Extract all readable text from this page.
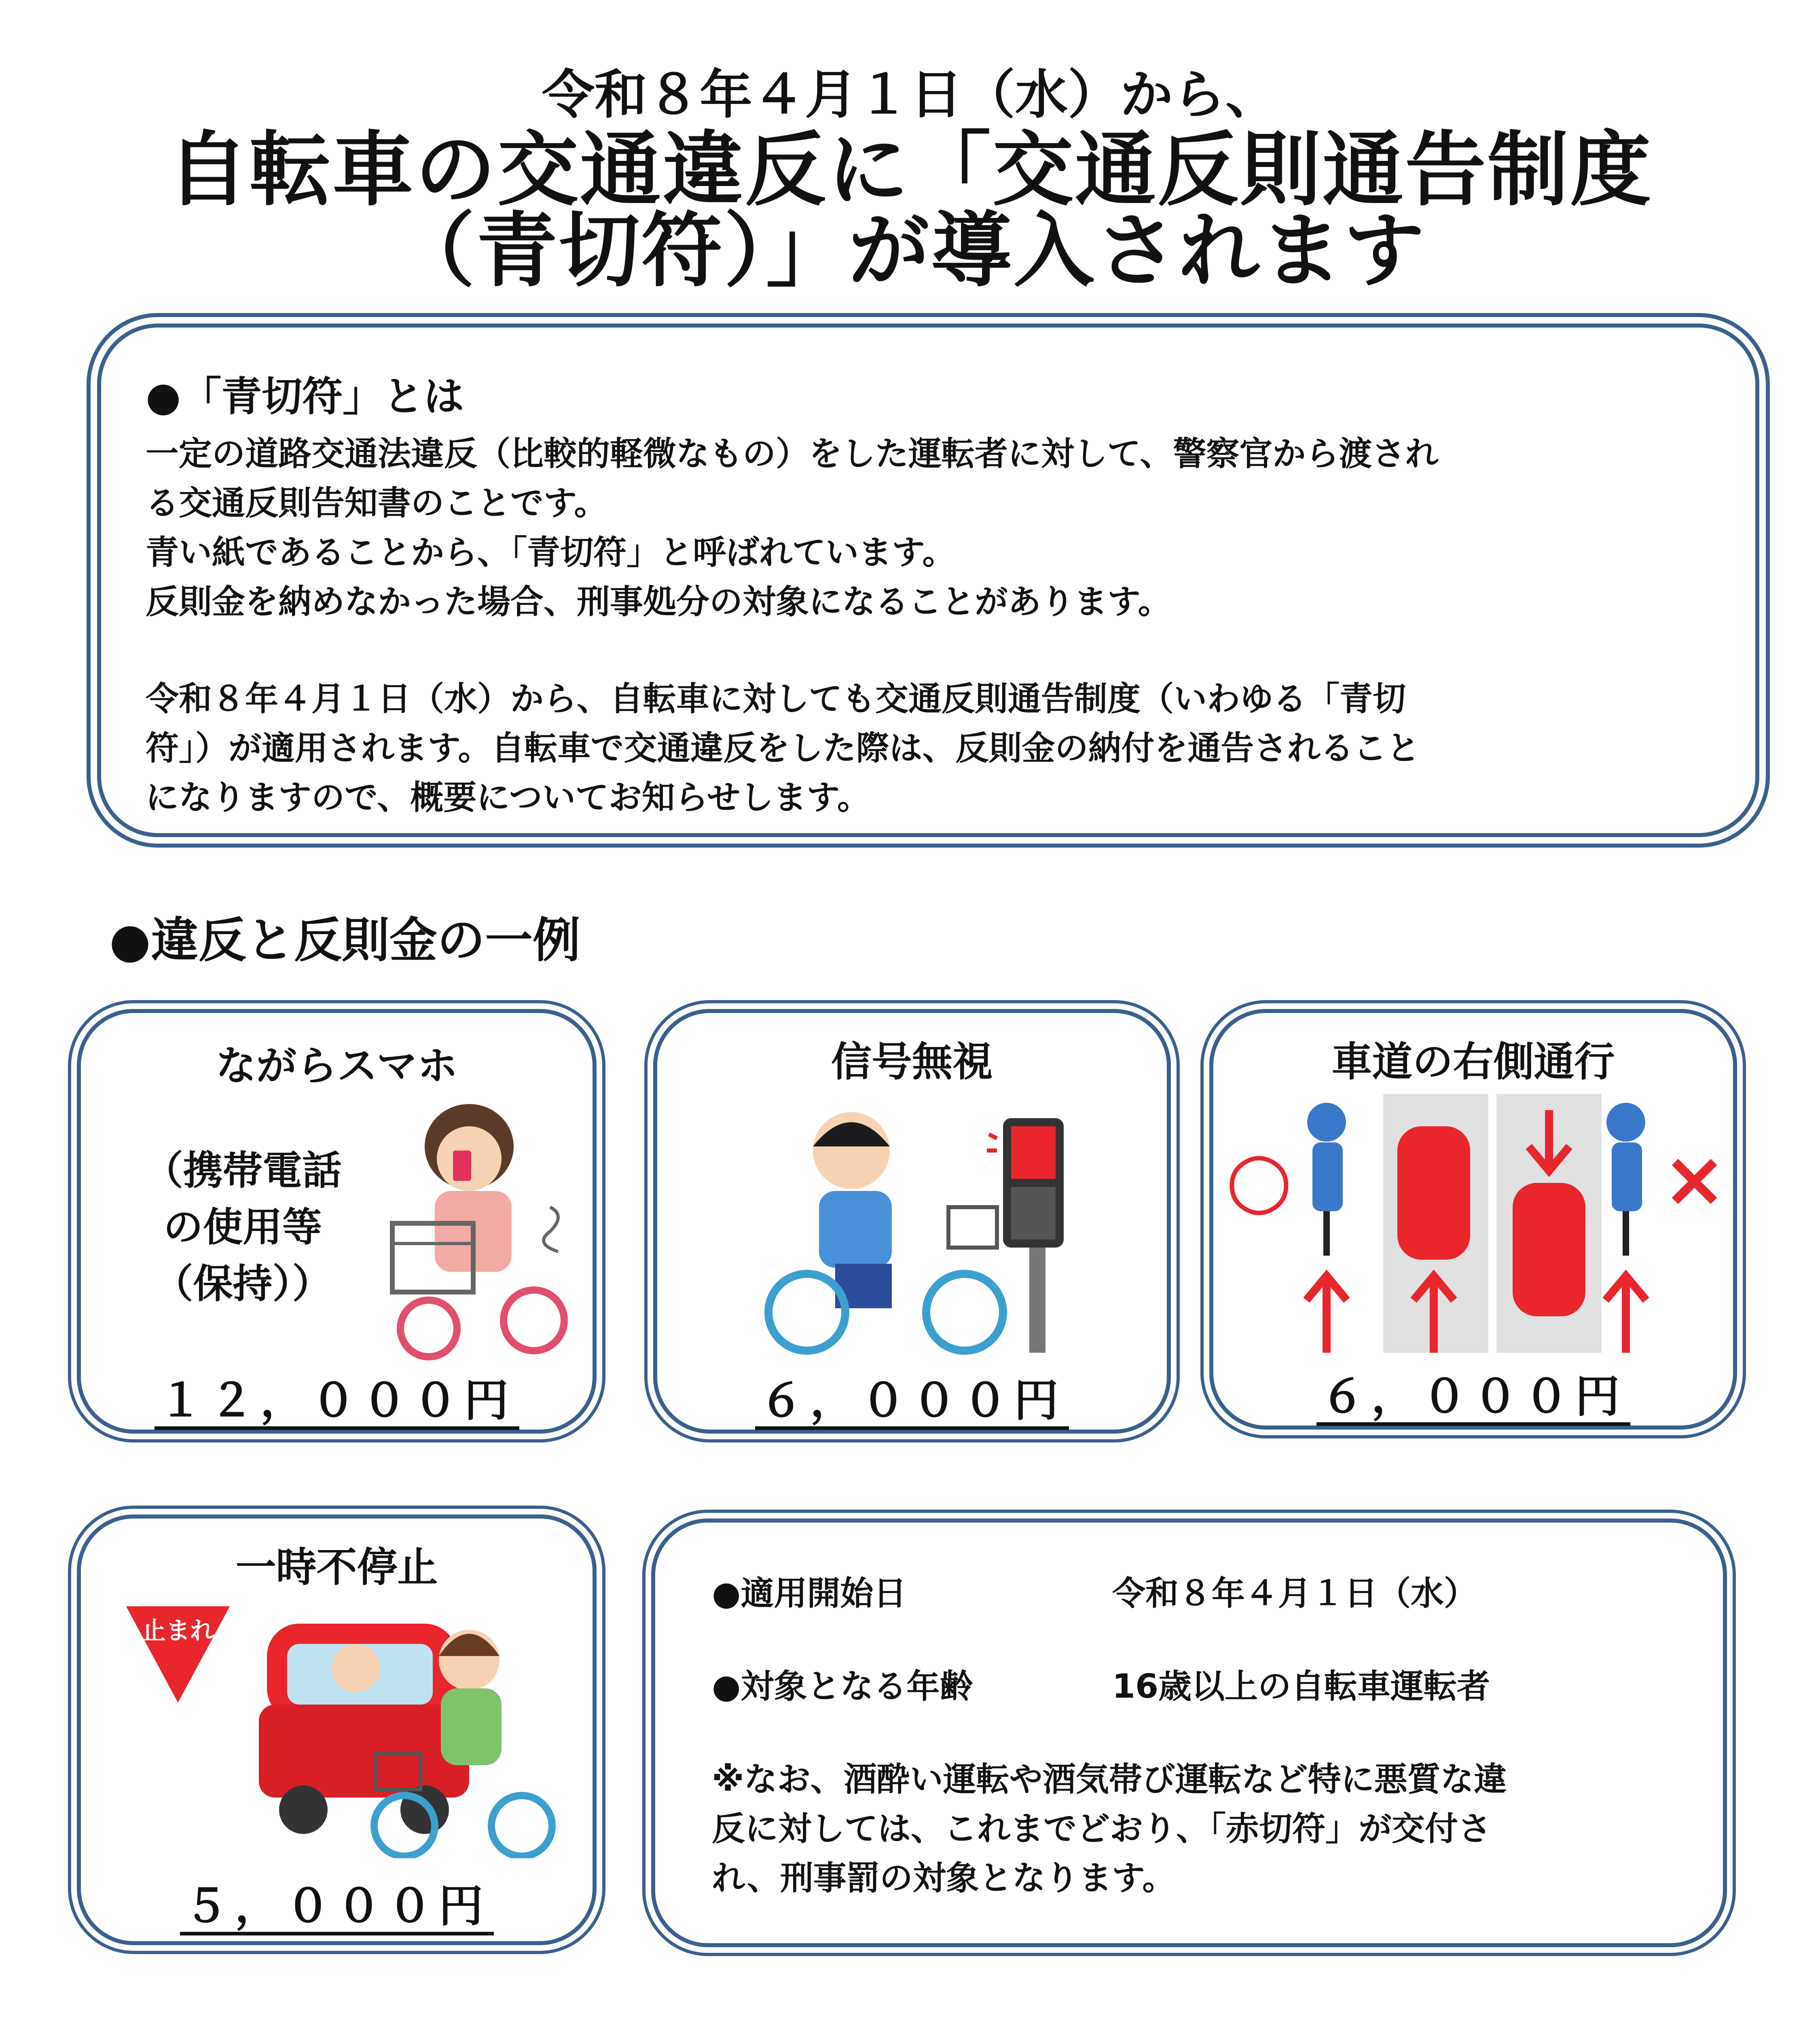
令和８年４月１日（水）から、
自転車の交通違反に「交通反則通告制度
（青切符）」が導入されます
●「青切符」とは

一定の道路交通法違反（比較的軽微なもの）をした運転者に対して、警察官から渡され

る交通反則告知書のことです。

青い紙であることから、「青切符」と呼ばれています。

反則金を納めなかった場合、刑事処分の対象になることがあります。

令和８年４月１日（水）から、自転車に対しても交通反則通告制度（いわゆる「青切

符」）が適用されます。自転車で交通違反をした際は、反則金の納付を通告されること

になりますので、概要についてお知らせします。

●違反と反則金の一例
ながらスマホ
（携帯電話
の使用等
（保持））
１２，０００円
信号無視
６，０００円
車道の右側通行
○	×
６，０００円
一時不停止
止まれ
５，０００円
●適用開始日	令和８年４月１日（水）
●対象となる年齢	16歳以上の自転車運転者

※なお、酒酔い運転や酒気帯び運転など特に悪質な違

反に対しては、これまでどおり、「赤切符」が交付さ

れ、刑事罰の対象となります。
